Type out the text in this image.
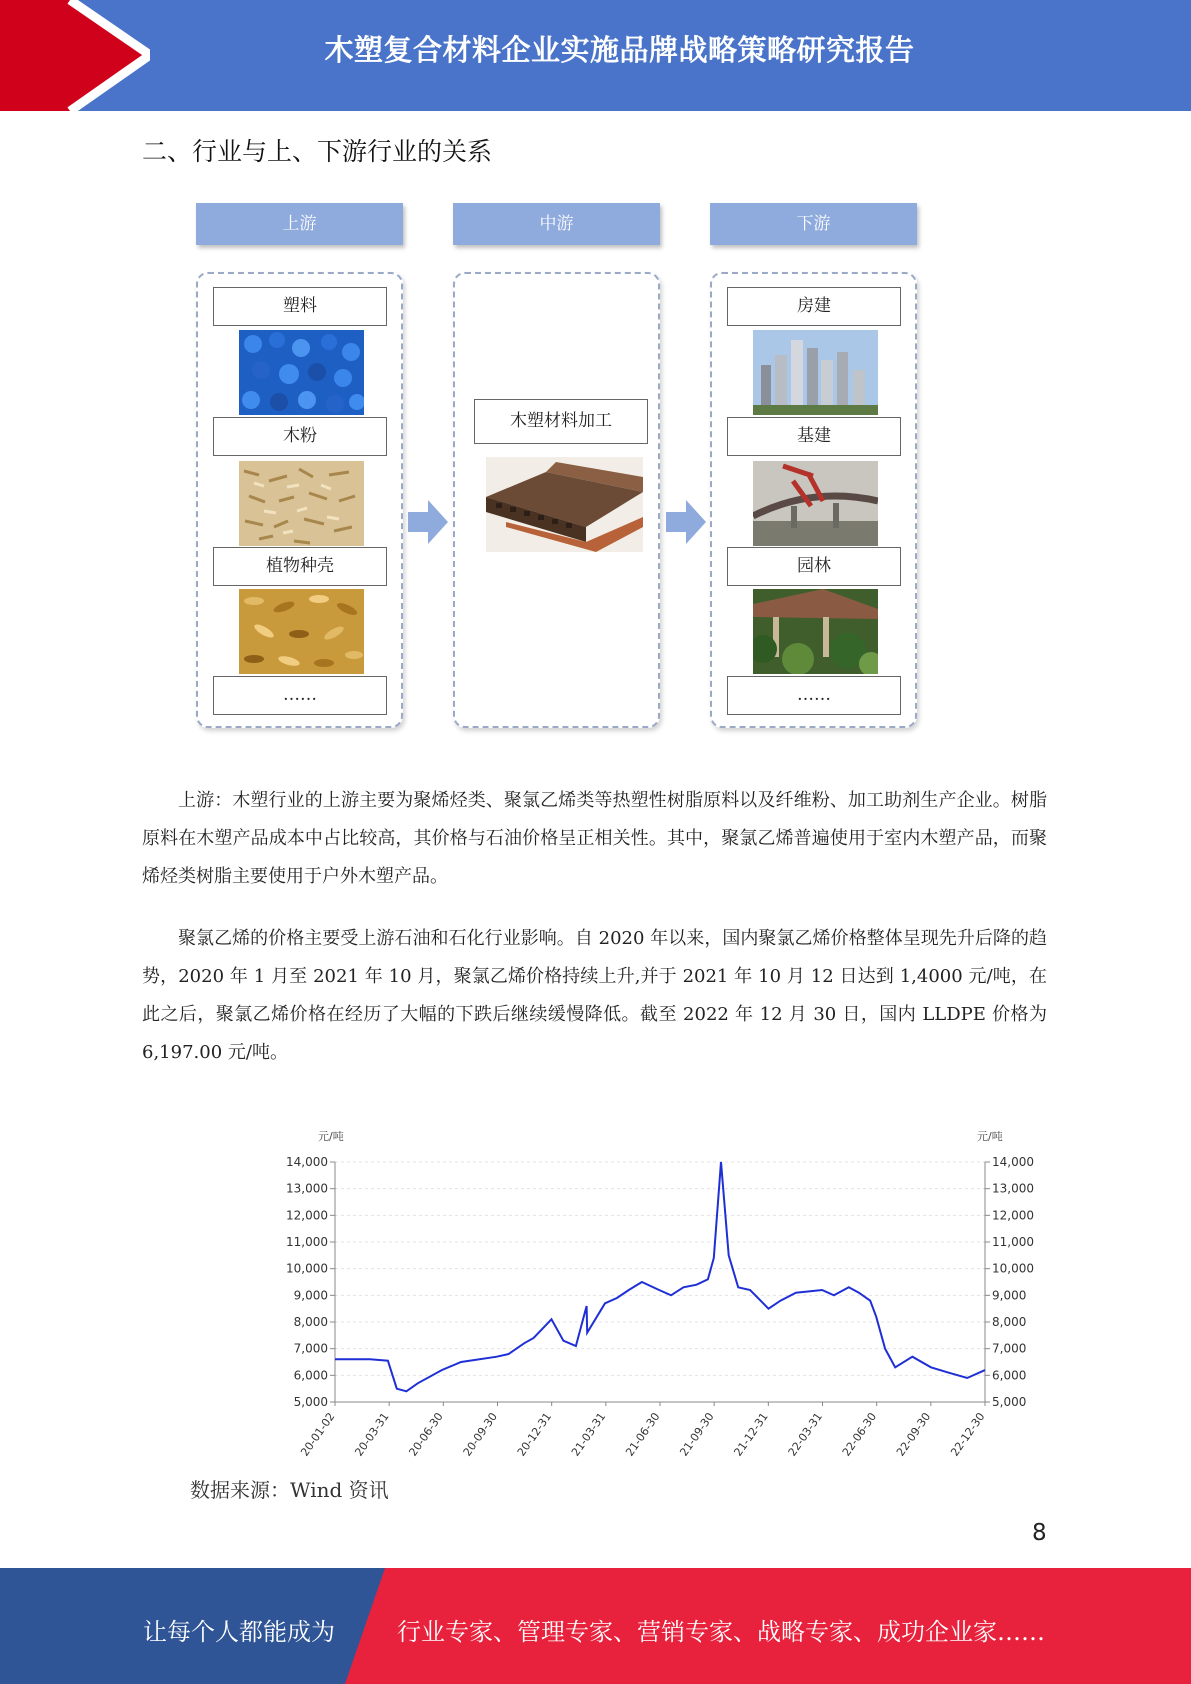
木塑复合材料企业实施品牌战略策略研究报告
二、行业与上、下游行业的关系
上游	中游	下游
塑料
木粉
植物种壳
……
木塑材料加工
房建
基建
园林
……

上游：木塑行业的上游主要为聚烯烃类、聚氯乙烯类等热塑性树脂原料以及纤维粉、加工助剂生产企业。树脂原料在木塑产品成本中占比较高，其价格与石油价格呈正相关性。其中，聚氯乙烯普遍使用于室内木塑产品，而聚烯烃类树脂主要使用于户外木塑产品。

聚氯乙烯的价格主要受上游石油和石化行业影响。自 2020 年以来，国内聚氯乙烯价格整体呈现先升后降的趋势，2020 年 1 月至 2021 年 10 月，聚氯乙烯价格持续上升,并于 2021 年 10 月 12 日达到 1,4000 元/吨，在此之后，聚氯乙烯价格在经历了大幅的下跌后继续缓慢降低。截至 2022 年 12 月 30 日，国内 LLDPE 价格为 6,197.00 元/吨。

元/吨	元/吨
14,000	14,000
13,000	13,000
12,000	12,000
11,000	11,000
10,000	10,000
9,000	9,000
8,000	8,000
7,000	7,000
6,000	6,000
5,000	5,000
20-01-02 20-03-31 20-06-30 20-09-30 20-12-31 21-03-31 21-06-30 21-09-30 21-12-31 22-03-31 22-06-30 22-09-30 22-12-30
数据来源：Wind 资讯
8
让每个人都能成为	行业专家、管理专家、营销专家、战略专家、成功企业家……
